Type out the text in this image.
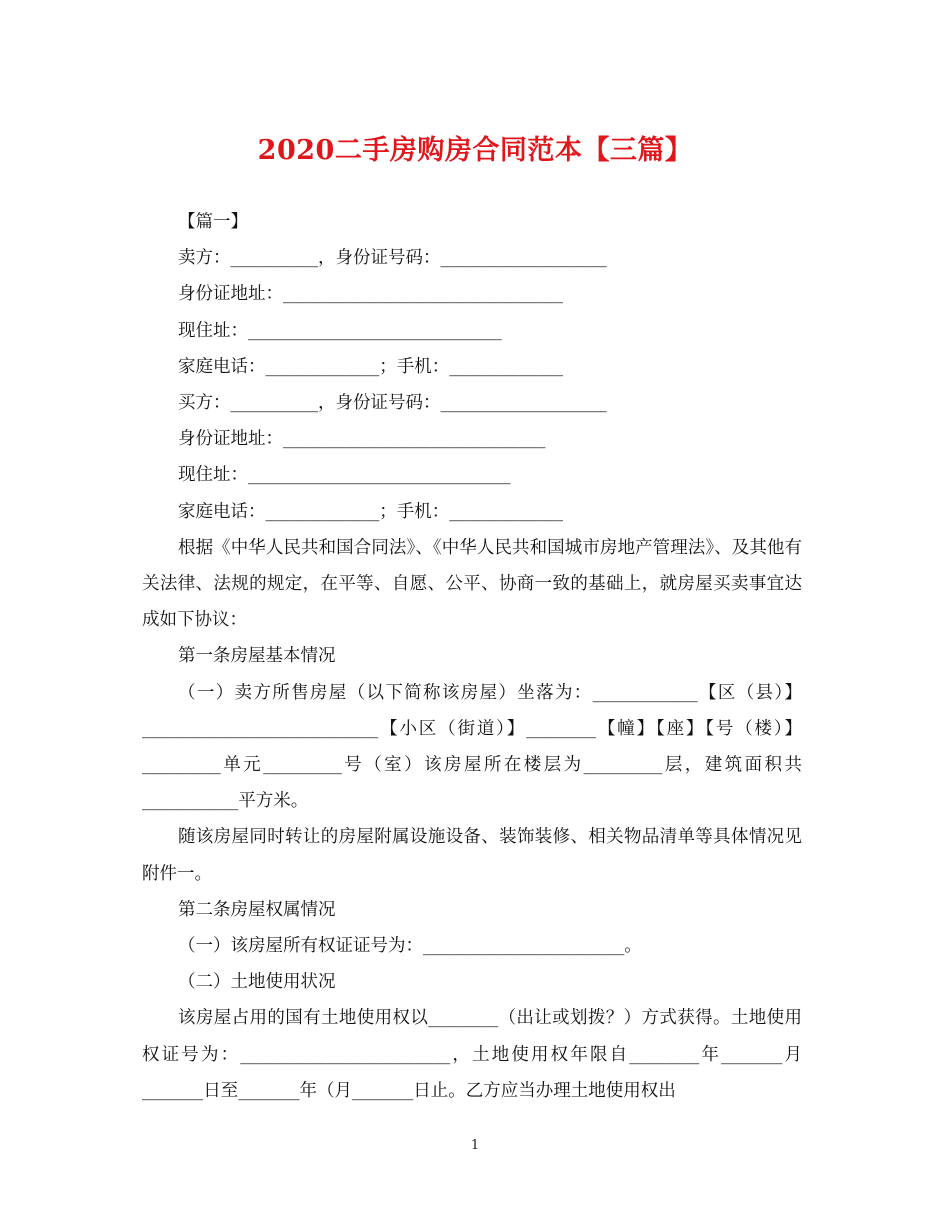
2020二手房购房合同范本【三篇】

【篇一】

卖方：__________，身份证号码：___________________

身份证地址：________________________________

现住址：_____________________________

家庭电话：_____________；手机：_____________

买方：__________，身份证号码：___________________

身份证地址：______________________________

现住址：______________________________

家庭电话：_____________；手机：_____________

根据《中华人民共和国合同法》、《中华人民共和国城市房地产管理法》、及其他有关法律、法规的规定，在平等、自愿、公平、协商一致的基础上，就房屋买卖事宜达成如下协议：

第一条房屋基本情况

（一）卖方所售房屋（以下简称该房屋）坐落为：____________【区（县）】___________________________【小区（街道）】________【幢】【座】【号（楼）】_________单元_________号（室）该房屋所在楼层为_________层，建筑面积共___________平方米。

随该房屋同时转让的房屋附属设施设备、装饰装修、相关物品清单等具体情况见附件一。

第二条房屋权属情况

（一）该房屋所有权证证号为：_______________________。

（二）土地使用状况

该房屋占用的国有土地使用权以________（出让或划拨？）方式获得。土地使用权证号为：________________________，土地使用权年限自________年_______月_______日至_______年（月_______日止。乙方应当办理土地使用权出

1
